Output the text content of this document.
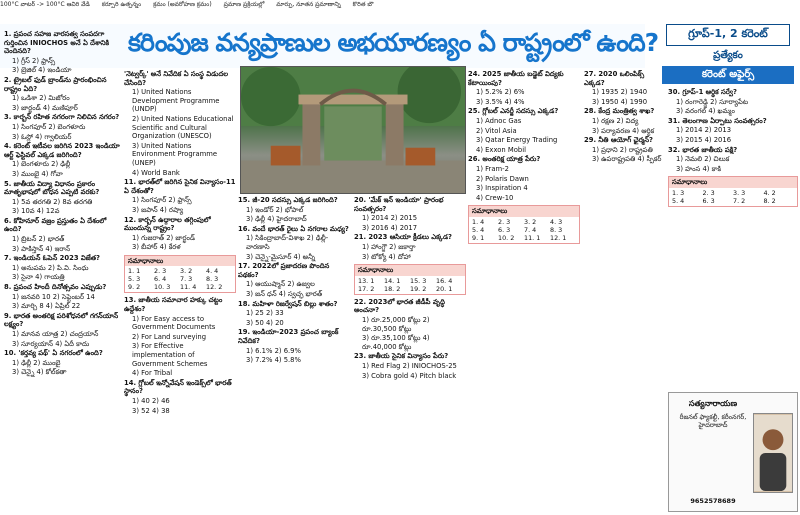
100°C వాటర్ -> 100°C ఆవిరి వేడి కర్పూరి ఉత్పన్నం క్రమం (అవరోహణ క్రమం) ప్రమాణ ప్రక్రియల్లో మార్పు, నూతన ప్రమాణాన్ని కొరిత బౌ
కరింపుజ వన్యప్రాణుల అభయారణ్యం ఏ రాష్ట్రంలో ఉంది?	గ్రూప్-1, 2 కరెంట్
ప్రత్యేకం
కరెంట్ అఫైర్స్

1. ప్రపంచ సహజ వారసత్వ సంపదగా గుర్తించిన INIOCHOS అనే ఏ దేశానికి చెందినది?

1) గ్రీస్ 2) ఫ్రాన్స్

3) బ్రెజిల్ 4) ఇండియా

2. ట్రైబల్ ఫుడ్ బ్రాండ్‌ను ప్రారంభించిన రాష్ట్రం ఏది?

1) ఒడిశా 2) మిజోరం

3) జార్ఖండ్ 4) మణిపూర్

3. కార్బన్ రహిత నగరంగా నిలిచిన నగరం?

1) సింగపూర్ 2) బెంగళూరు

3) ఓస్లో 4) గ్వాలియర్

4. కరెంట్ ఇటీవల జరిగిన 2023 ఇండియా ఆర్ట్ ఫెస్టివల్ ఎక్కడ జరిగింది?

1) బెంగళూరు 2) ఢిల్లీ

3) ముంబై 4) గోవా

5. జాతీయ విద్యా విధానం ప్రకారం మాతృభాషలో బోధన ఎప్పటి వరకు?

1) 5వ తరగతి 2) 8వ తరగతి

3) 10వ 4) 12వ

6. కోహినూర్ వజ్రం ప్రస్తుతం ఏ దేశంలో ఉంది?

1) బ్రిటన్ 2) భారత్

3) పాకిస్తాన్ 4) ఇరాన్

7. ఇండియన్ ఓపెన్ 2023 విజేత?

1) అనుపమ 2) పి.వి. సింధు

3) సైనా 4) గాయత్రి

8. ప్రపంచ హిందీ దినోత్సవం ఎప్పుడు?

1) జనవరి 10 2) సెప్టెంబర్ 14

3) మార్చి 8 4) ఏప్రిల్ 22

9. భారత అంతరిక్ష పరిశోధనలో గగన్‌యాన్ లక్ష్యం?

1) మానవ యాత్ర 2) చంద్రయాన్

3) సూర్యయాన్ 4) ఏదీ కాదు

10. 'కర్తవ్య పథ్' ఏ నగరంలో ఉంది?

1) ఢిల్లీ 2) ముంబై

3) చెన్నై 4) కోల్‌కతా

'నెట్వర్క్' అనే నివేదిక ఏ సంస్థ విడుదల చేసింది?

1) United Nations Development Programme (UNDP)

2) United Nations Educational Scientific and Cultural Organization (UNESCO)

3) United Nations Environment Programme (UNEP)

4) World Bank

11. భారత్‌లో జరిగిన సైనిక విన్యాసం-11 ఏ దేశంతో?

1) సింగపూర్ 2) ఫ్రాన్స్

3) జపాన్ 4) రష్యా

12. కార్బన్ ఉద్గారాల తగ్గింపులో ముందున్న రాష్ట్రం?

1) గుజరాత్ 2) జార్ఖండ్

3) బీహార్ 4) కేరళ

సమాధానాలు
1. 1	2. 3	3. 2	4. 4
5. 3	6. 4	7. 3	8. 3
9. 2	10. 3	11. 4	12. 2

13. జాతీయ సమాచార హక్కు చట్టం ఉద్దేశం?

1) For Easy access to Government Documents

2) For Land surveying

3) For Effective implementation of Government Schemes

4) For Tribal

14. గ్లోబల్ ఇన్నోవేషన్ ఇండెక్స్‌లో భారత్ స్థానం?

1) 40 2) 46

3) 52 4) 38

15. జీ-20 సదస్సు ఎక్కడ జరిగింది?

1) ఇండోర్ 2) భోపాల్

3) ఢిల్లీ 4) హైదరాబాద్

16. వందే భారత్ రైలు ఏ నగరాల మధ్య?

1) సికింద్రాబాద్-విశాఖ 2) ఢిల్లీ-వారణాసి

3) చెన్నై-మైసూర్ 4) అన్నీ

17. 2022లో ప్రజాదరణ పొందిన పథకం?

1) ఆయుష్మాన్ 2) ఉజ్వల

3) జన్ ధన్ 4) స్వచ్ఛ భారత్

18. మహిళా రిజర్వేషన్ బిల్లు శాతం?

1) 25 2) 33

3) 50 4) 20

19. ఇండియా-2023 ప్రపంచ బ్యాంక్ నివేదిక?

1) 6.1% 2) 6.9%

3) 7.2% 4) 5.8%

20. 'మేక్ ఇన్ ఇండియా' ప్రారంభ సంవత్సరం?

1) 2014 2) 2015

3) 2016 4) 2017

21. 2023 ఆసియా క్రీడలు ఎక్కడ?

1) హాంగ్జౌ 2) జకార్తా

3) టోక్యో 4) దోహా

సమాధానాలు
13. 1	14. 1	15. 3	16. 4
17. 2	18. 2	19. 2	20. 1

22. 2023లో భారత జీడీపీ వృద్ధి అంచనా?

1) రూ.25,000 కోట్లు 2) రూ.30,500 కోట్లు

3) రూ.35,100 కోట్లు 4) రూ.40,000 కోట్లు

23. జాతీయ సైనిక విన్యాసం పేరు?

1) Red Flag 2) INIOCHOS-25

3) Cobra gold 4) Pitch black

24. 2025 జాతీయ బడ్జెట్ విద్యకు కేటాయింపు?

1) 5.2% 2) 6%

3) 3.5% 4) 4%

25. గ్లోబల్ ఎనర్జీ సదస్సు ఎక్కడ?

1) Adnoc Gas

2) Vitol Asia

3) Qatar Energy Trading

4) Exxon Mobil

26. అంతరిక్ష యాత్ర పేరు?

1) Fram-2

2) Polaris Dawn

3) Inspiration 4

4) Crew-10

సమాధానాలు
1. 4	2. 3	3. 2	4. 3
5. 4	6. 3	7. 4	8. 3
9. 1	10. 2	11. 1	12. 1

27. 2020 ఒలింపిక్స్ ఎక్కడ?

1) 1935 2) 1940

3) 1950 4) 1990

28. కేంద్ర మంత్రిత్వ శాఖ?

1) రక్షణ 2) విద్య

3) పర్యావరణ 4) ఆర్థిక

29. నీతి ఆయోగ్ ఛైర్మన్?

1) ప్రధాని 2) రాష్ట్రపతి

3) ఉపరాష్ట్రపతి 4) స్పీకర్

30. గ్రూప్-1 ఆర్థిక సర్వే?

1) రంగారెడ్డి 2) సూర్యాపేట

3) వరంగల్ 4) ఖమ్మం

31. తెలంగాణ ఏర్పాటు సంవత్సరం?

1) 2014 2) 2013

3) 2015 4) 2016

32. భారత జాతీయ పక్షి?

1) నెమలి 2) చిలుక

3) హంస 4) కాకి

సమాధానాలు
1. 3	2. 3	3. 3	4. 2
5. 4	6. 3	7. 2	8. 2
సత్యనారాయణ
రీజనల్ ఫ్యాకల్టీ, కరీంనగర్, హైదరాబాద్
9652578689
